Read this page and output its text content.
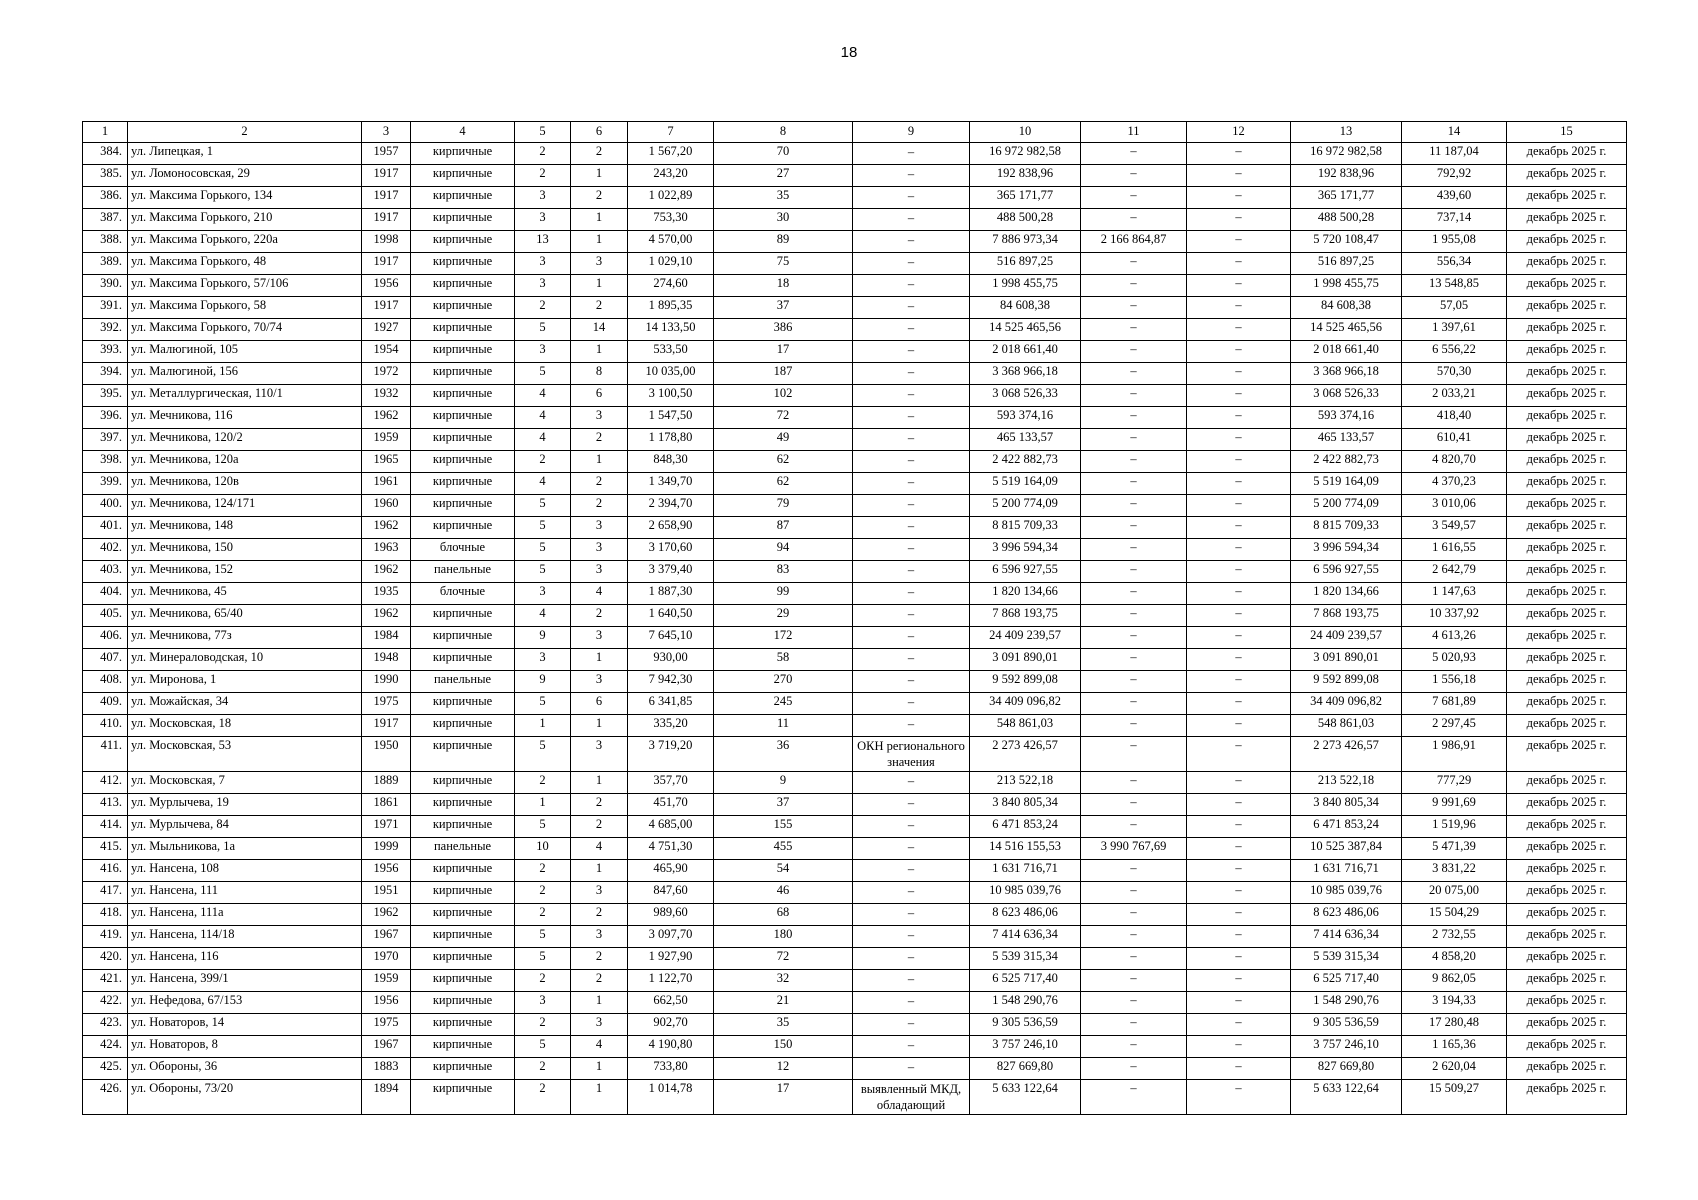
18
1	2	3	4	5	6	7	8	9	10	11	12	13	14	15
384.	ул. Липецкая, 1	1957	кирпичные	2	2	1 567,20	70	–	16 972 982,58	–	–	16 972 982,58	11 187,04	декабрь 2025 г.
385.	ул. Ломоносовская, 29	1917	кирпичные	2	1	243,20	27	–	192 838,96	–	–	192 838,96	792,92	декабрь 2025 г.
386.	ул. Максима Горького, 134	1917	кирпичные	3	2	1 022,89	35	–	365 171,77	–	–	365 171,77	439,60	декабрь 2025 г.
387.	ул. Максима Горького, 210	1917	кирпичные	3	1	753,30	30	–	488 500,28	–	–	488 500,28	737,14	декабрь 2025 г.
388.	ул. Максима Горького, 220а	1998	кирпичные	13	1	4 570,00	89	–	7 886 973,34	2 166 864,87	–	5 720 108,47	1 955,08	декабрь 2025 г.
389.	ул. Максима Горького, 48	1917	кирпичные	3	3	1 029,10	75	–	516 897,25	–	–	516 897,25	556,34	декабрь 2025 г.
390.	ул. Максима Горького, 57/106	1956	кирпичные	3	1	274,60	18	–	1 998 455,75	–	–	1 998 455,75	13 548,85	декабрь 2025 г.
391.	ул. Максима Горького, 58	1917	кирпичные	2	2	1 895,35	37	–	84 608,38	–	–	84 608,38	57,05	декабрь 2025 г.
392.	ул. Максима Горького, 70/74	1927	кирпичные	5	14	14 133,50	386	–	14 525 465,56	–	–	14 525 465,56	1 397,61	декабрь 2025 г.
393.	ул. Малюгиной, 105	1954	кирпичные	3	1	533,50	17	–	2 018 661,40	–	–	2 018 661,40	6 556,22	декабрь 2025 г.
394.	ул. Малюгиной, 156	1972	кирпичные	5	8	10 035,00	187	–	3 368 966,18	–	–	3 368 966,18	570,30	декабрь 2025 г.
395.	ул. Металлургическая, 110/1	1932	кирпичные	4	6	3 100,50	102	–	3 068 526,33	–	–	3 068 526,33	2 033,21	декабрь 2025 г.
396.	ул. Мечникова, 116	1962	кирпичные	4	3	1 547,50	72	–	593 374,16	–	–	593 374,16	418,40	декабрь 2025 г.
397.	ул. Мечникова, 120/2	1959	кирпичные	4	2	1 178,80	49	–	465 133,57	–	–	465 133,57	610,41	декабрь 2025 г.
398.	ул. Мечникова, 120а	1965	кирпичные	2	1	848,30	62	–	2 422 882,73	–	–	2 422 882,73	4 820,70	декабрь 2025 г.
399.	ул. Мечникова, 120в	1961	кирпичные	4	2	1 349,70	62	–	5 519 164,09	–	–	5 519 164,09	4 370,23	декабрь 2025 г.
400.	ул. Мечникова, 124/171	1960	кирпичные	5	2	2 394,70	79	–	5 200 774,09	–	–	5 200 774,09	3 010,06	декабрь 2025 г.
401.	ул. Мечникова, 148	1962	кирпичные	5	3	2 658,90	87	–	8 815 709,33	–	–	8 815 709,33	3 549,57	декабрь 2025 г.
402.	ул. Мечникова, 150	1963	блочные	5	3	3 170,60	94	–	3 996 594,34	–	–	3 996 594,34	1 616,55	декабрь 2025 г.
403.	ул. Мечникова, 152	1962	панельные	5	3	3 379,40	83	–	6 596 927,55	–	–	6 596 927,55	2 642,79	декабрь 2025 г.
404.	ул. Мечникова, 45	1935	блочные	3	4	1 887,30	99	–	1 820 134,66	–	–	1 820 134,66	1 147,63	декабрь 2025 г.
405.	ул. Мечникова, 65/40	1962	кирпичные	4	2	1 640,50	29	–	7 868 193,75	–	–	7 868 193,75	10 337,92	декабрь 2025 г.
406.	ул. Мечникова, 77з	1984	кирпичные	9	3	7 645,10	172	–	24 409 239,57	–	–	24 409 239,57	4 613,26	декабрь 2025 г.
407.	ул. Минераловодская, 10	1948	кирпичные	3	1	930,00	58	–	3 091 890,01	–	–	3 091 890,01	5 020,93	декабрь 2025 г.
408.	ул. Миронова, 1	1990	панельные	9	3	7 942,30	270	–	9 592 899,08	–	–	9 592 899,08	1 556,18	декабрь 2025 г.
409.	ул. Можайская, 34	1975	кирпичные	5	6	6 341,85	245	–	34 409 096,82	–	–	34 409 096,82	7 681,89	декабрь 2025 г.
410.	ул. Московская, 18	1917	кирпичные	1	1	335,20	11	–	548 861,03	–	–	548 861,03	2 297,45	декабрь 2025 г.
411.	ул. Московская, 53	1950	кирпичные	5	3	3 719,20	36	ОКН регионального значения	2 273 426,57	–	–	2 273 426,57	1 986,91	декабрь 2025 г.
412.	ул. Московская, 7	1889	кирпичные	2	1	357,70	9	–	213 522,18	–	–	213 522,18	777,29	декабрь 2025 г.
413.	ул. Мурлычева, 19	1861	кирпичные	1	2	451,70	37	–	3 840 805,34	–	–	3 840 805,34	9 991,69	декабрь 2025 г.
414.	ул. Мурлычева, 84	1971	кирпичные	5	2	4 685,00	155	–	6 471 853,24	–	–	6 471 853,24	1 519,96	декабрь 2025 г.
415.	ул. Мыльникова, 1а	1999	панельные	10	4	4 751,30	455	–	14 516 155,53	3 990 767,69	–	10 525 387,84	5 471,39	декабрь 2025 г.
416.	ул. Нансена, 108	1956	кирпичные	2	1	465,90	54	–	1 631 716,71	–	–	1 631 716,71	3 831,22	декабрь 2025 г.
417.	ул. Нансена, 111	1951	кирпичные	2	3	847,60	46	–	10 985 039,76	–	–	10 985 039,76	20 075,00	декабрь 2025 г.
418.	ул. Нансена, 111а	1962	кирпичные	2	2	989,60	68	–	8 623 486,06	–	–	8 623 486,06	15 504,29	декабрь 2025 г.
419.	ул. Нансена, 114/18	1967	кирпичные	5	3	3 097,70	180	–	7 414 636,34	–	–	7 414 636,34	2 732,55	декабрь 2025 г.
420.	ул. Нансена, 116	1970	кирпичные	5	2	1 927,90	72	–	5 539 315,34	–	–	5 539 315,34	4 858,20	декабрь 2025 г.
421.	ул. Нансена, 399/1	1959	кирпичные	2	2	1 122,70	32	–	6 525 717,40	–	–	6 525 717,40	9 862,05	декабрь 2025 г.
422.	ул. Нефедова, 67/153	1956	кирпичные	3	1	662,50	21	–	1 548 290,76	–	–	1 548 290,76	3 194,33	декабрь 2025 г.
423.	ул. Новаторов, 14	1975	кирпичные	2	3	902,70	35	–	9 305 536,59	–	–	9 305 536,59	17 280,48	декабрь 2025 г.
424.	ул. Новаторов, 8	1967	кирпичные	5	4	4 190,80	150	–	3 757 246,10	–	–	3 757 246,10	1 165,36	декабрь 2025 г.
425.	ул. Обороны, 36	1883	кирпичные	2	1	733,80	12	–	827 669,80	–	–	827 669,80	2 620,04	декабрь 2025 г.
426.	ул. Обороны, 73/20	1894	кирпичные	2	1	1 014,78	17	выявленный МКД, обладающий	5 633 122,64	–	–	5 633 122,64	15 509,27	декабрь 2025 г.
